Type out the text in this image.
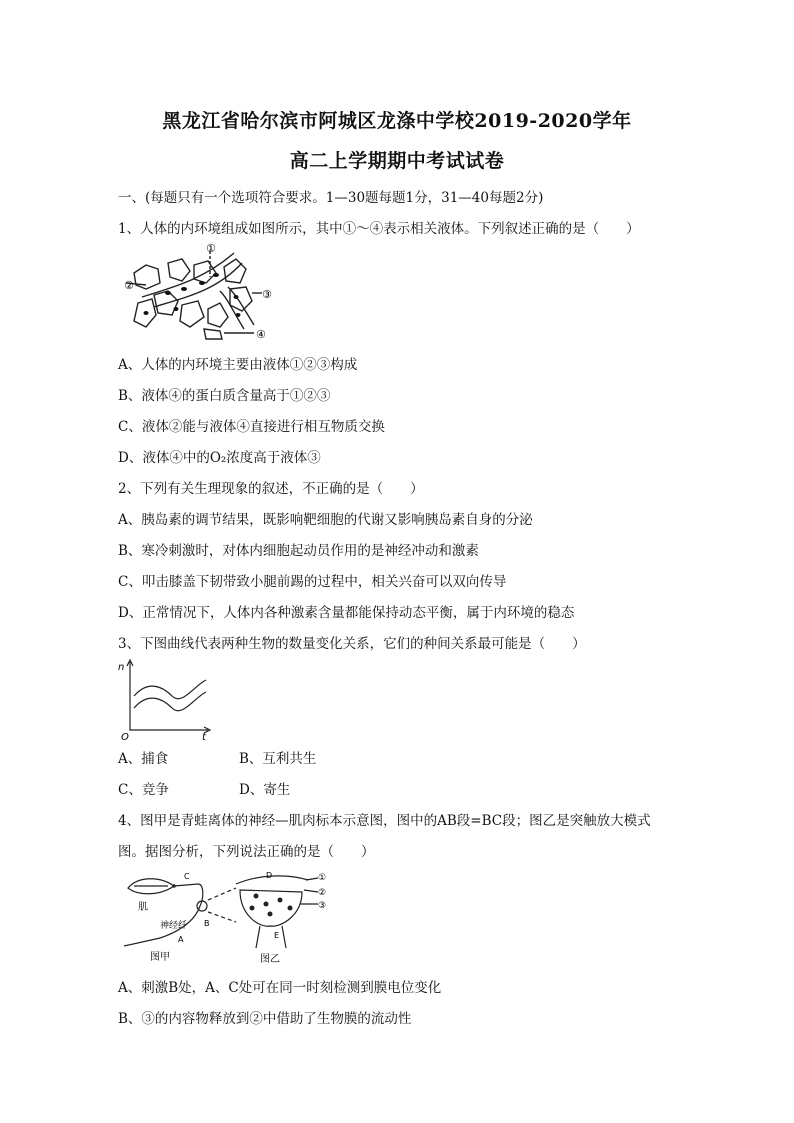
黑龙江省哈尔滨市阿城区龙涤中学校2019-2020学年
高二上学期期中考试试卷
一、(每题只有一个选项符合要求。1—30题每题1分，31—40每题2分)
1、人体的内环境组成如图所示，其中①～④表示相关液体。下列叙述正确的是（　　）
①
②
③
④
A、人体的内环境主要由液体①②③构成
B、液体④的蛋白质含量高于①②③
C、液体②能与液体④直接进行相互物质交换
D、液体④中的O₂浓度高于液体③
2、下列有关生理现象的叙述，不正确的是（　　）
A、胰岛素的调节结果，既影响靶细胞的代谢又影响胰岛素自身的分泌
B、寒冷刺激时，对体内细胞起动员作用的是神经冲动和激素
C、叩击膝盖下韧带致小腿前踢的过程中，相关兴奋可以双向传导
D、正常情况下，人体内各种激素含量都能保持动态平衡，属于内环境的稳态
3、下图曲线代表两种生物的数量变化关系，它们的种间关系最可能是（　　）
n
t
O
A、捕食	B、互利共生
C、竞争	D、寄生
4、图甲是青蛙离体的神经—肌肉标本示意图，图中的AB段=BC段；图乙是突触放大模式
图。据图分析，下列说法正确的是（　　）
肌
神经纤
图甲	图乙
A
B
C	D
E
①
②
③
A、刺激B处，A、C处可在同一时刻检测到膜电位变化
B、③的内容物释放到②中借助了生物膜的流动性
